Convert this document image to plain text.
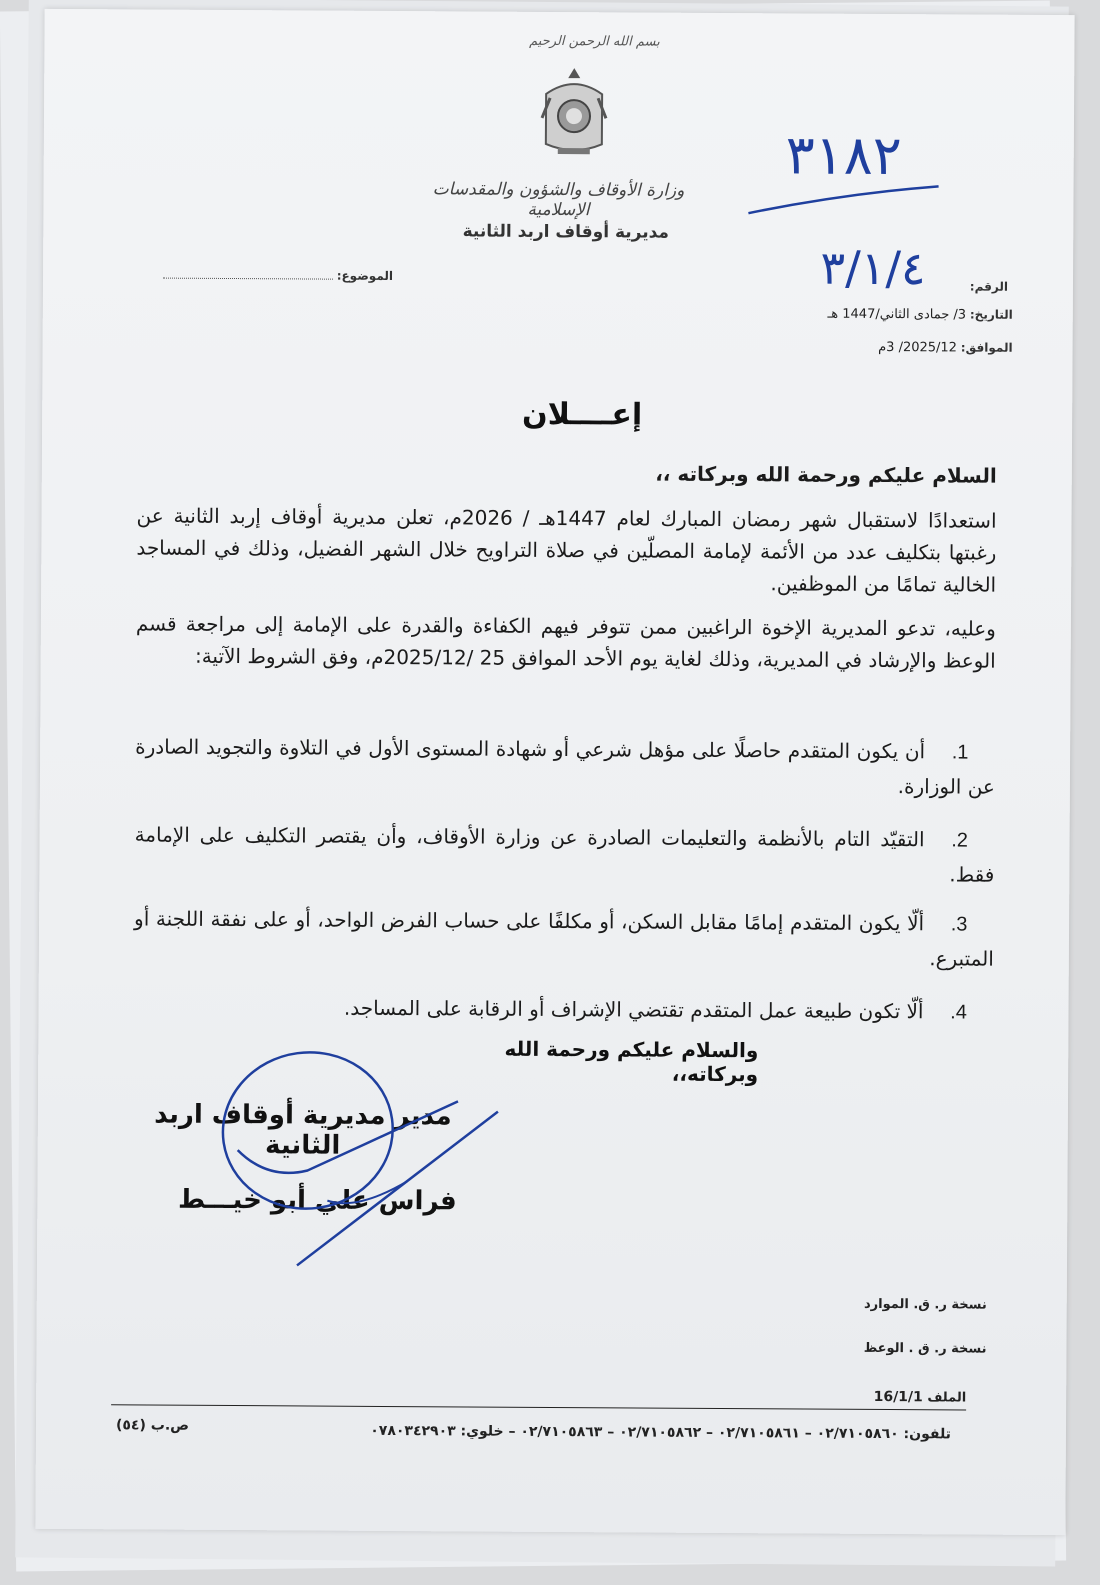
بسم الله الرحمن الرحيم
وزارة الأوقاف والشؤون والمقدسات الإسلامية
مديرية أوقاف اربد الثانية
٣١٨٢
٣/١/٤	الرقم:
الموضوع:
التاريخ: 3/ جمادى الثاني/1447 هـ
الموافق: 2025/12/ 3م
إعــــلان
السلام عليكم ورحمة الله وبركاته ،،
استعدادًا لاستقبال شهر رمضان المبارك لعام 1447هـ / 2026م، تعلن مديرية أوقاف إربد الثانية عن رغبتها بتكليف عدد من الأئمة لإمامة المصلّين في صلاة التراويح خلال الشهر الفضيل، وذلك في المساجد الخالية تمامًا من الموظفين.
وعليه، تدعو المديرية الإخوة الراغبين ممن تتوفر فيهم الكفاءة والقدرة على الإمامة إلى مراجعة قسم الوعظ والإرشاد في المديرية، وذلك لغاية يوم الأحد الموافق 25 /2025/12م، وفق الشروط الآتية:
1.أن يكون المتقدم حاصلًا على مؤهل شرعي أو شهادة المستوى الأول في التلاوة والتجويد الصادرة عن الوزارة.
2.التقيّد التام بالأنظمة والتعليمات الصادرة عن وزارة الأوقاف، وأن يقتصر التكليف على الإمامة فقط.
3.ألّا يكون المتقدم إمامًا مقابل السكن، أو مكلفًا على حساب الفرض الواحد، أو على نفقة اللجنة أو المتبرع.
4.ألّا تكون طبيعة عمل المتقدم تقتضي الإشراف أو الرقابة على المساجد.
والسلام عليكم ورحمة الله وبركاته،،
مدير مديرية أوقاف اربد الثانية
فراس علي أبو خيـــط
نسخة ر. ق. الموارد
نسخة ر. ق . الوعظ
الملف 16/1/1
تلفون: ٠٢/٧١٠٥٨٦٠ – ٠٢/٧١٠٥٨٦١ – ٠٢/٧١٠٥٨٦٢ – ٠٢/٧١٠٥٨٦٣ – خلوي: ٠٧٨٠٣٤٢٩٠٣
ص.ب (٥٤)
